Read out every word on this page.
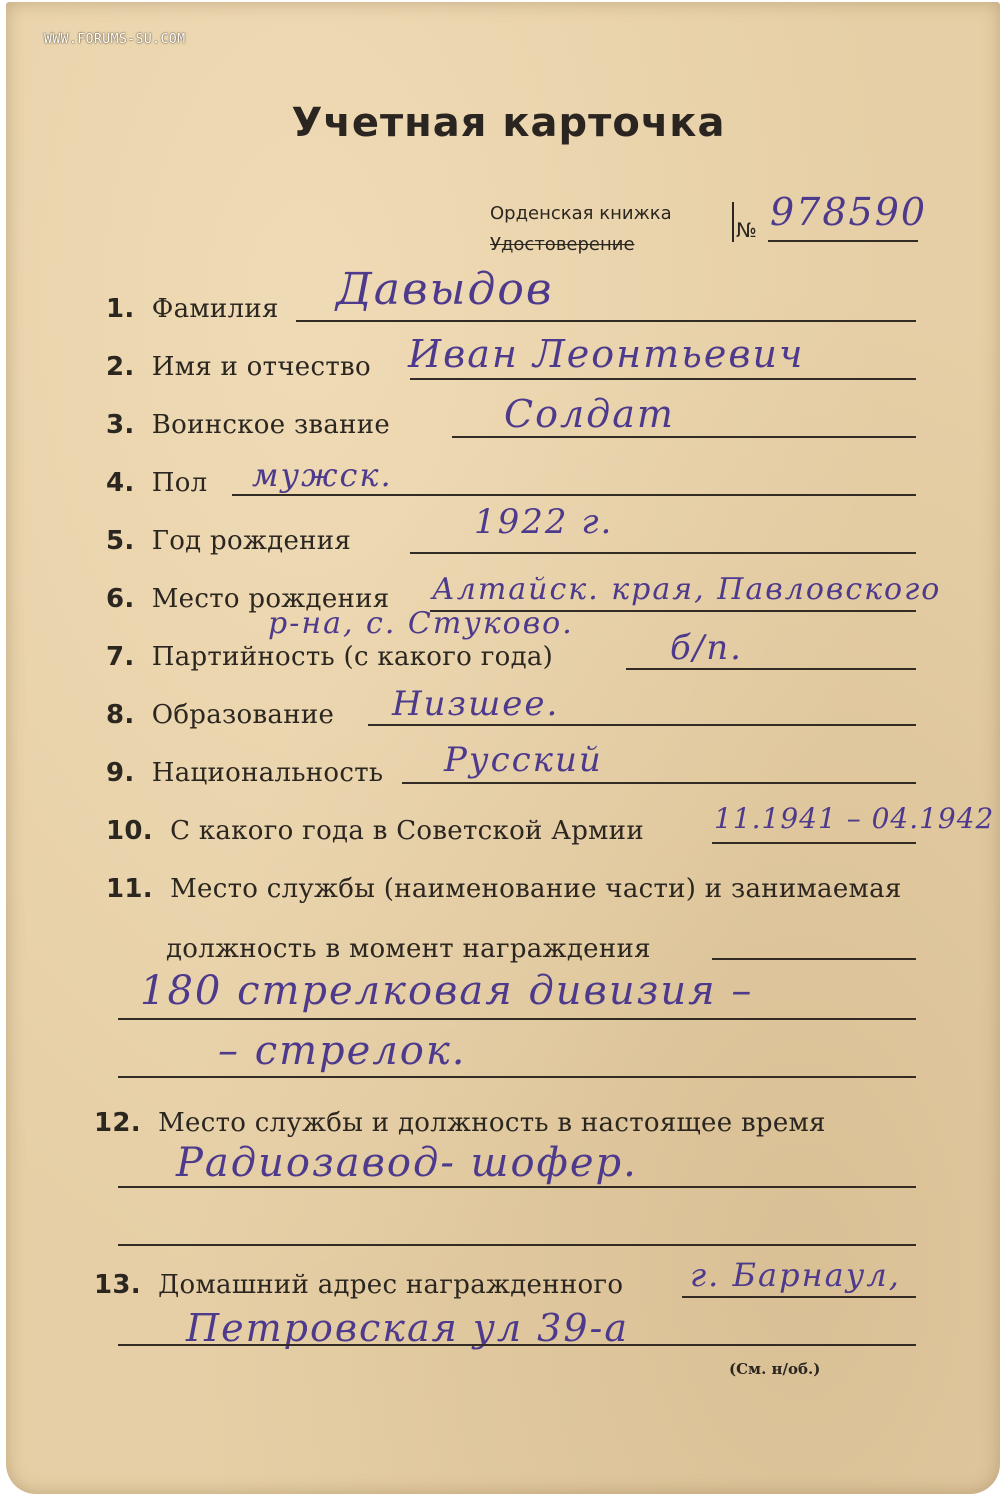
WWW.FORUMS-SU.COM
Учетная карточка
Орденская книжка
Удостоверение
№ 978590
1. Фамилия Давыдов
2. Имя и отчество Иван Леонтьевич
3. Воинское звание	Солдат
4. Пол мужск.
5. Год рождения	1922 г.
6. Место рождения Алтайск. края, Павловского
р-на, с. Стуково.
7. Партийность (с какого года)	б/п.
8. Образование Низшее.
9. Национальность Русский
10. С какого года в Советской Армии	11.1941 – 04.1942
11. Место службы (наименование части) и занимаемая
должность в момент награждения
180 стрелковая дивизия –
– стрелок.
12. Место службы и должность в настоящее время
Радиозавод- шофер.
13. Домашний адрес награжденного г. Барнаул,
Петровская ул 39-а
(См. н/об.)
